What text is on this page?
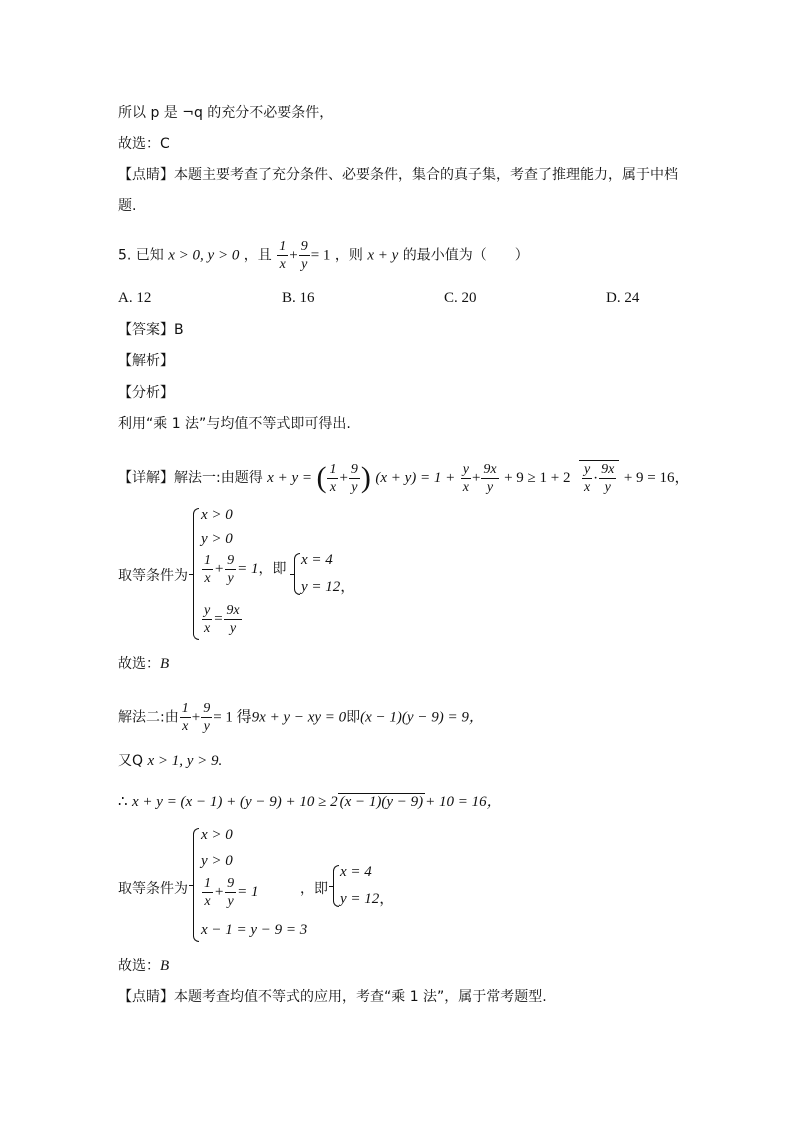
所以 p 是 ¬q 的充分不必要条件，
故选：C
【点睛】本题主要考查了充分条件、必要条件，集合的真子集，考查了推理能力，属于中档
题.
5. 已知 x > 0, y > 0 ，且 $\frac{1}{x} + \frac{9}{y} = 1$ ，则 x + y 的最小值为（　　）
A. 12	B. 16	C. 20	D. 24
【答案】B
【解析】
【分析】
利用“乘 1 法”与均值不等式即可得出.
【详解】解法一:由题得 x + y = ( $\frac{1}{x} + \frac{9}{y}$ ) $(x + y) = 1 + \frac{y}{x} + \frac{9x}{y} + 9 \ge 1 + 2 \frac{y}{x} \cdot \frac{9x}{y} + 9 = 16$，
取等条件为
x > 0
y > 0
$\frac{1}{x} + \frac{9}{y} = 1$，即
$\frac{y}{x} = \frac{9x}{y}$
x = 4
y = 12，
故选：B
解法二:由 $\frac{1}{x} + \frac{9}{y} = 1$ 得9x + y − xy = 0即(x − 1)(y − 9) = 9，
又Q x > 1, y > 9.
∴ x + y = (x − 1) + (y − 9) + 10 ≥ 2 (x − 1)(y − 9) + 10 = 16，
取等条件为
x > 0
y > 0
$\frac{1}{x} + \frac{9}{y} = 1$
x − 1 = y − 9 = 3
，即
x = 4
y = 12，
故选：B
【点睛】本题考查均值不等式的应用，考查“乘 1 法”，属于常考题型.
